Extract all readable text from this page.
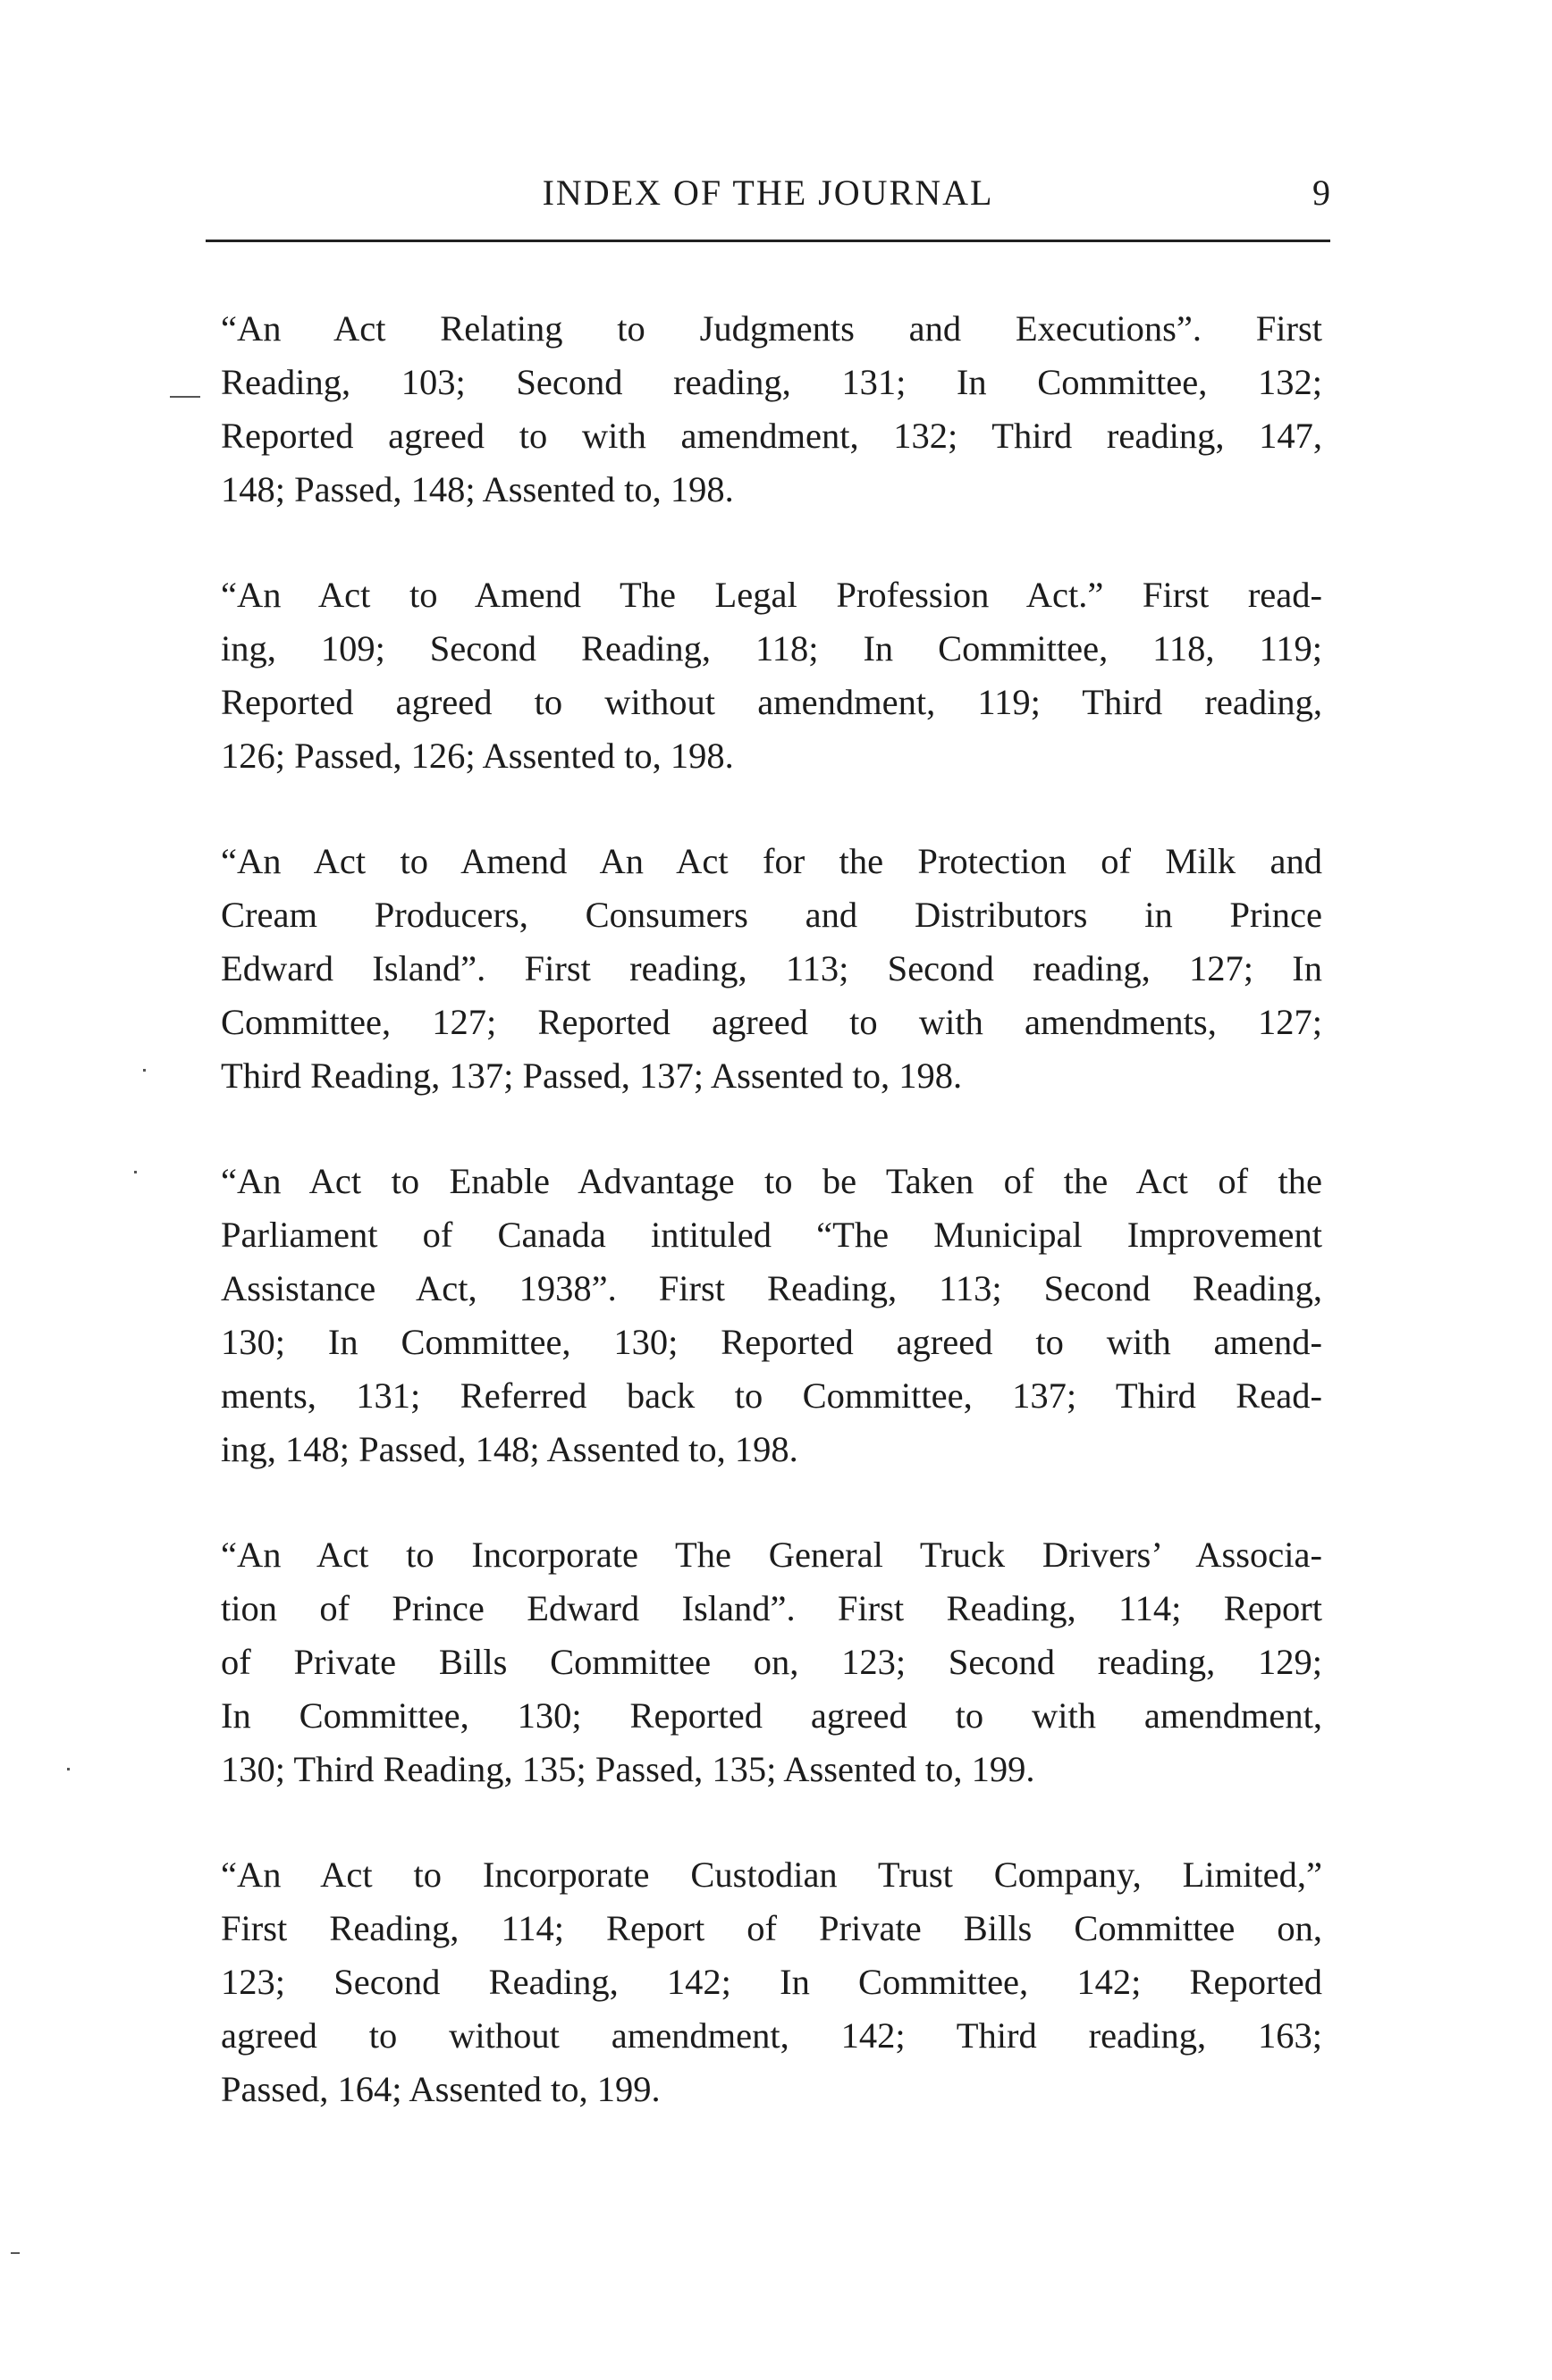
INDEX OF THE JOURNAL	9

“An Act Relating to Judgments and Executions”. First
Reading, 103; Second reading, 131; In Committee, 132;
Reported agreed to with amendment, 132; Third reading, 147,
148; Passed, 148; Assented to, 198.

“An Act to Amend The Legal Profession Act.” First read-
ing, 109; Second Reading, 118; In Committee, 118, 119;
Reported agreed to without amendment, 119; Third reading,
126; Passed, 126; Assented to, 198.

“An Act to Amend An Act for the Protection of Milk and
Cream Producers, Consumers and Distributors in Prince
Edward Island”. First reading, 113; Second reading, 127; In
Committee, 127; Reported agreed to with amendments, 127;
Third Reading, 137; Passed, 137; Assented to, 198.

“An Act to Enable Advantage to be Taken of the Act of the
Parliament of Canada intituled “The Municipal Improvement
Assistance Act, 1938”. First Reading, 113; Second Reading,
130; In Committee, 130; Reported agreed to with amend-
ments, 131; Referred back to Committee, 137; Third Read-
ing, 148; Passed, 148; Assented to, 198.

“An Act to Incorporate The General Truck Drivers’ Associa-
tion of Prince Edward Island”. First Reading, 114; Report
of Private Bills Committee on, 123; Second reading, 129;
In Committee, 130; Reported agreed to with amendment,
130; Third Reading, 135; Passed, 135; Assented to, 199.

“An Act to Incorporate Custodian Trust Company, Limited,”
First Reading, 114; Report of Private Bills Committee on,
123; Second Reading, 142; In Committee, 142; Reported
agreed to without amendment, 142; Third reading, 163;
Passed, 164; Assented to, 199.
